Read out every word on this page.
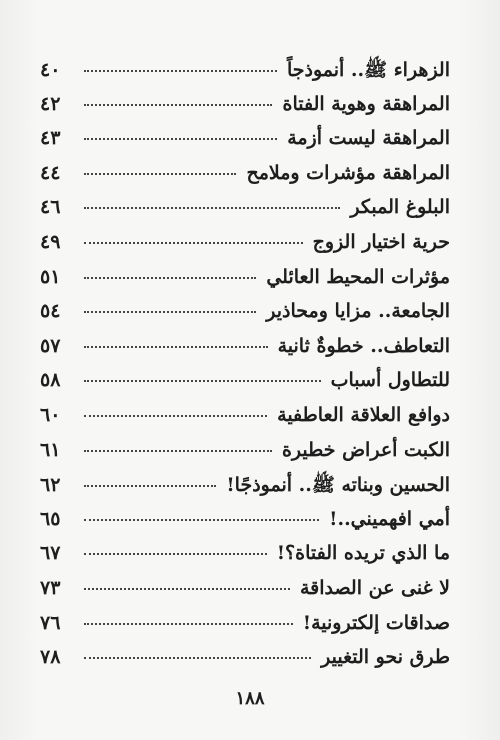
الزهراء ﷺ.. أنموذجاً
٤٠
المراهقة وهوية الفتاة
٤٢
المراهقة ليست أزمة
٤٣
المراهقة مؤشرات وملامح
٤٤
البلوغ المبكر
٤٦
حرية اختيار الزوج
٤٩
مؤثرات المحيط العائلي
٥١
الجامعة.. مزايا ومحاذير
٥٤
التعاطف.. خطوةٌ ثانية
٥٧
للتطاول أسباب
٥٨
دوافع العلاقة العاطفية
٦٠
الكبت أعراض خطيرة
٦١
الحسين وبناته ﷺ.. أنموذجًا!
٦٢
أمي افهميني..!
٦٥
ما الذي تريده الفتاة؟!
٦٧
لا غنى عن الصداقة
٧٣
صداقات إلكترونية!
٧٦
طرق نحو التغيير
٧٨
١٨٨
